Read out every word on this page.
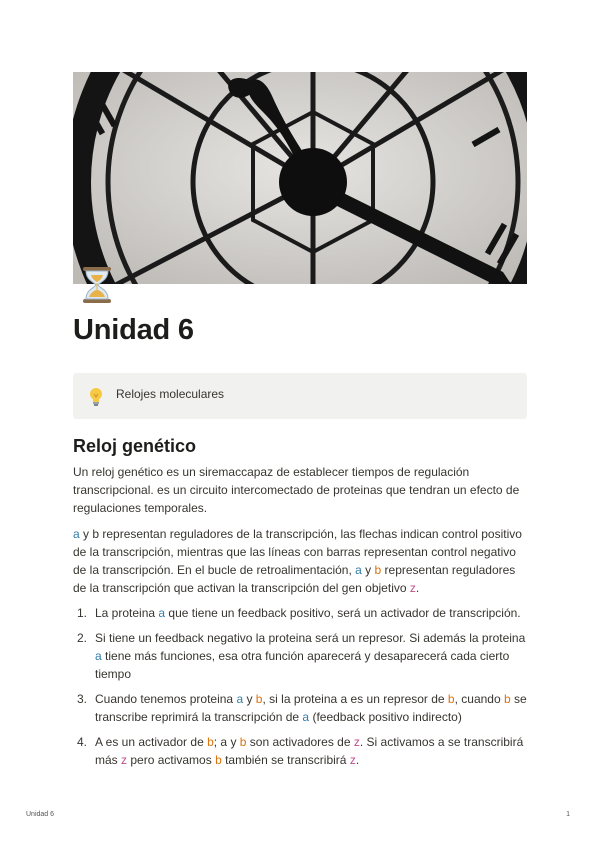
Unidad 6
Relojes moleculares
Reloj genético

Un reloj genético es un siremaccapaz de establecer tiempos de regulación transcripcional. es un circuito intercomectado de proteinas que tendran un efecto de regulaciones temporales.

a y b representan reguladores de la transcripción, las flechas indican control positivo de la transcripción, mientras que las líneas con barras representan control negativo de la transcripción. En el bucle de retroalimentación, a y b representan reguladores de la transcripción que activan la transcripción del gen objetivo z.

1. La proteina a que tiene un feedback positivo, será un activador de transcripción.
2. Si tiene un feedback negativo la proteina será un represor. Si además la proteina a tiene más funciones, esa otra función aparecerá y desaparecerá cada cierto tiempo
3. Cuando tenemos proteina a y b, si la proteina a es un represor de b, cuando b se transcribe reprimirá la transcripción de a (feedback positivo indirecto)
4. A es un activador de b; a y b son activadores de z. Si activamos a se transcribirá más z pero activamos b también se transcribirá z.
Unidad 6	1
